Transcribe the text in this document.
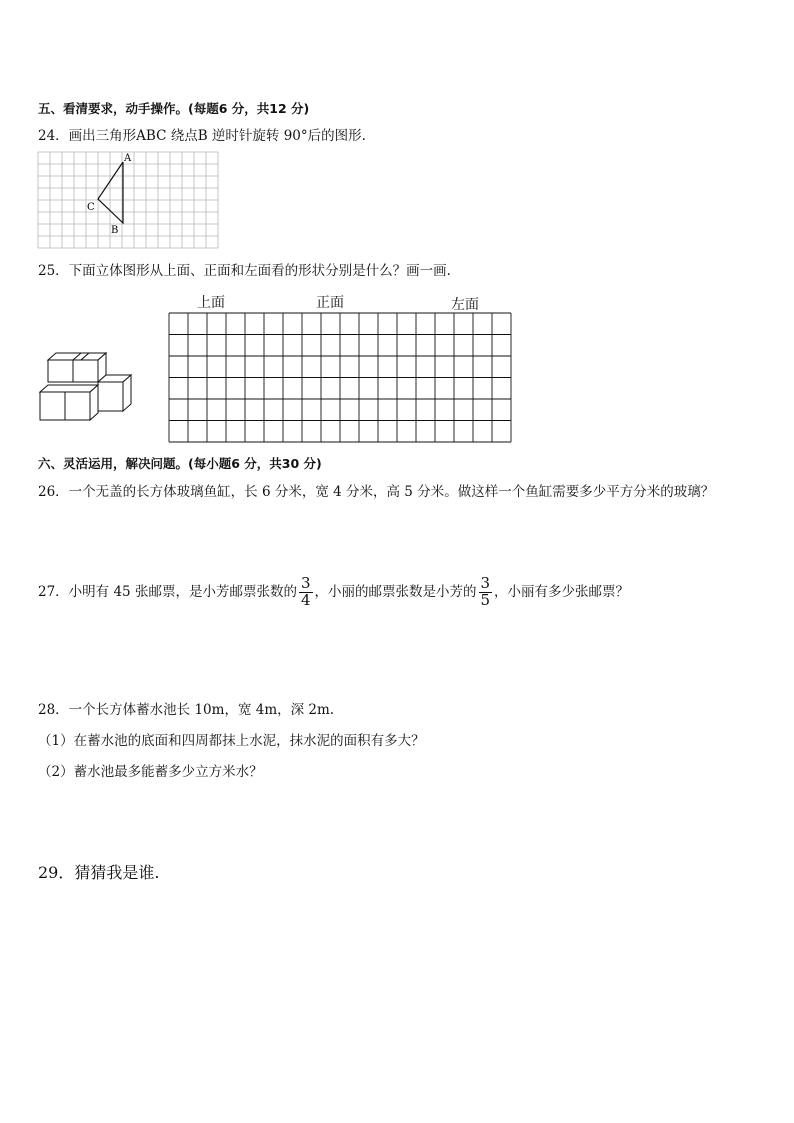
五、看清要求，动手操作。(每题6 分，共12 分)
24．画出三角形ABC 绕点B 逆时针旋转 90°后的图形.
A
C
B
25．下面立体图形从上面、正面和左面看的形状分别是什么？画一画.
上面	正面	左面
六、灵活运用，解决问题。(每小题6 分，共30 分)
26．一个无盖的长方体玻璃鱼缸，长 6 分米，宽 4 分米，高 5 分米。做这样一个鱼缸需要多少平方分米的玻璃？
27．小明有 45 张邮票，是小芳邮票张数的 $\frac{3}{4}$ ，小丽的邮票张数是小芳的 $\frac{3}{5}$ ，小丽有多少张邮票？
28．一个长方体蓄水池长 10m，宽 4m，深 2m.
（1）在蓄水池的底面和四周都抹上水泥，抹水泥的面积有多大？
（2）蓄水池最多能蓄多少立方米水？
29．猜猜我是谁.
